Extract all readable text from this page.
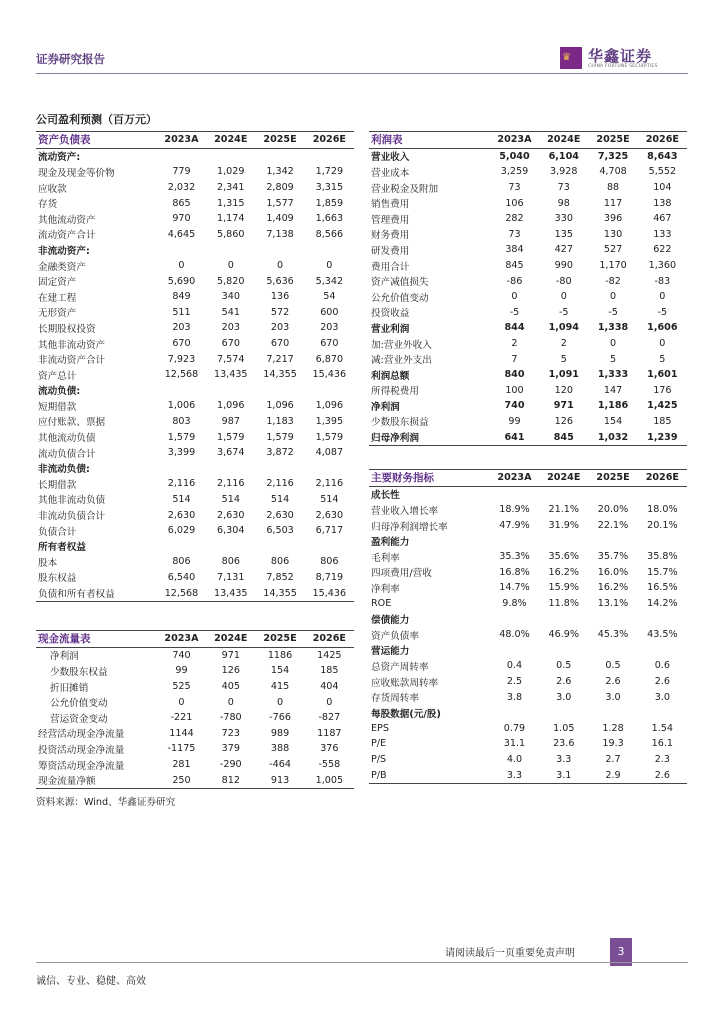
证券研究报告	♛ 华鑫证券
CHINA FORTUNE SECURITIES
公司盈利预测（百万元）
资产负债表	2023A	2024E	2025E	2026E
流动资产:				
现金及现金等价物	779	1,029	1,342	1,729
应收款	2,032	2,341	2,809	3,315
存货	865	1,315	1,577	1,859
其他流动资产	970	1,174	1,409	1,663
流动资产合计	4,645	5,860	7,138	8,566
非流动资产:				
金融类资产	0	0	0	0
固定资产	5,690	5,820	5,636	5,342
在建工程	849	340	136	54
无形资产	511	541	572	600
长期股权投资	203	203	203	203
其他非流动资产	670	670	670	670
非流动资产合计	7,923	7,574	7,217	6,870
资产总计	12,568	13,435	14,355	15,436
流动负债:				
短期借款	1,006	1,096	1,096	1,096
应付账款、票据	803	987	1,183	1,395
其他流动负债	1,579	1,579	1,579	1,579
流动负债合计	3,399	3,674	3,872	4,087
非流动负债:				
长期借款	2,116	2,116	2,116	2,116
其他非流动负债	514	514	514	514
非流动负债合计	2,630	2,630	2,630	2,630
负债合计	6,029	6,304	6,503	6,717
所有者权益				
股本	806	806	806	806
股东权益	6,540	7,131	7,852	8,719
负债和所有者权益	12,568	13,435	14,355	15,436
利润表	2023A	2024E	2025E	2026E
营业收入	5,040	6,104	7,325	8,643
营业成本	3,259	3,928	4,708	5,552
营业税金及附加	73	73	88	104
销售费用	106	98	117	138
管理费用	282	330	396	467
财务费用	73	135	130	133
研发费用	384	427	527	622
费用合计	845	990	1,170	1,360
资产减值损失	-86	-80	-82	-83
公允价值变动	0	0	0	0
投资收益	-5	-5	-5	-5
营业利润	844	1,094	1,338	1,606
加:营业外收入	2	2	0	0
减:营业外支出	7	5	5	5
利润总额	840	1,091	1,333	1,601
所得税费用	100	120	147	176
净利润	740	971	1,186	1,425
少数股东损益	99	126	154	185
归母净利润	641	845	1,032	1,239
主要财务指标	2023A	2024E	2025E	2026E
成长性				
营业收入增长率	18.9%	21.1%	20.0%	18.0%
归母净利润增长率	47.9%	31.9%	22.1%	20.1%
盈利能力				
毛利率	35.3%	35.6%	35.7%	35.8%
四项费用/营收	16.8%	16.2%	16.0%	15.7%
净利率	14.7%	15.9%	16.2%	16.5%
ROE	9.8%	11.8%	13.1%	14.2%
偿债能力				
资产负债率	48.0%	46.9%	45.3%	43.5%
营运能力				
总资产周转率	0.4	0.5	0.5	0.6
应收账款周转率	2.5	2.6	2.6	2.6
存货周转率	3.8	3.0	3.0	3.0
每股数据(元/股)				
EPS	0.79	1.05	1.28	1.54
P/E	31.1	23.6	19.3	16.1
P/S	4.0	3.3	2.7	2.3
P/B	3.3	3.1	2.9	2.6
现金流量表	2023A	2024E	2025E	2026E
净利润	740	971	1186	1425
少数股东权益	99	126	154	185
折旧摊销	525	405	415	404
公允价值变动	0	0	0	0
营运资金变动	-221	-780	-766	-827
经营活动现金净流量	1144	723	989	1187
投资活动现金净流量	-1175	379	388	376
筹资活动现金净流量	281	-290	-464	-558
现金流量净额	250	812	913	1,005
资料来源：Wind、华鑫证券研究
请阅读最后一页重要免责声明	3
诚信、专业、稳健、高效
